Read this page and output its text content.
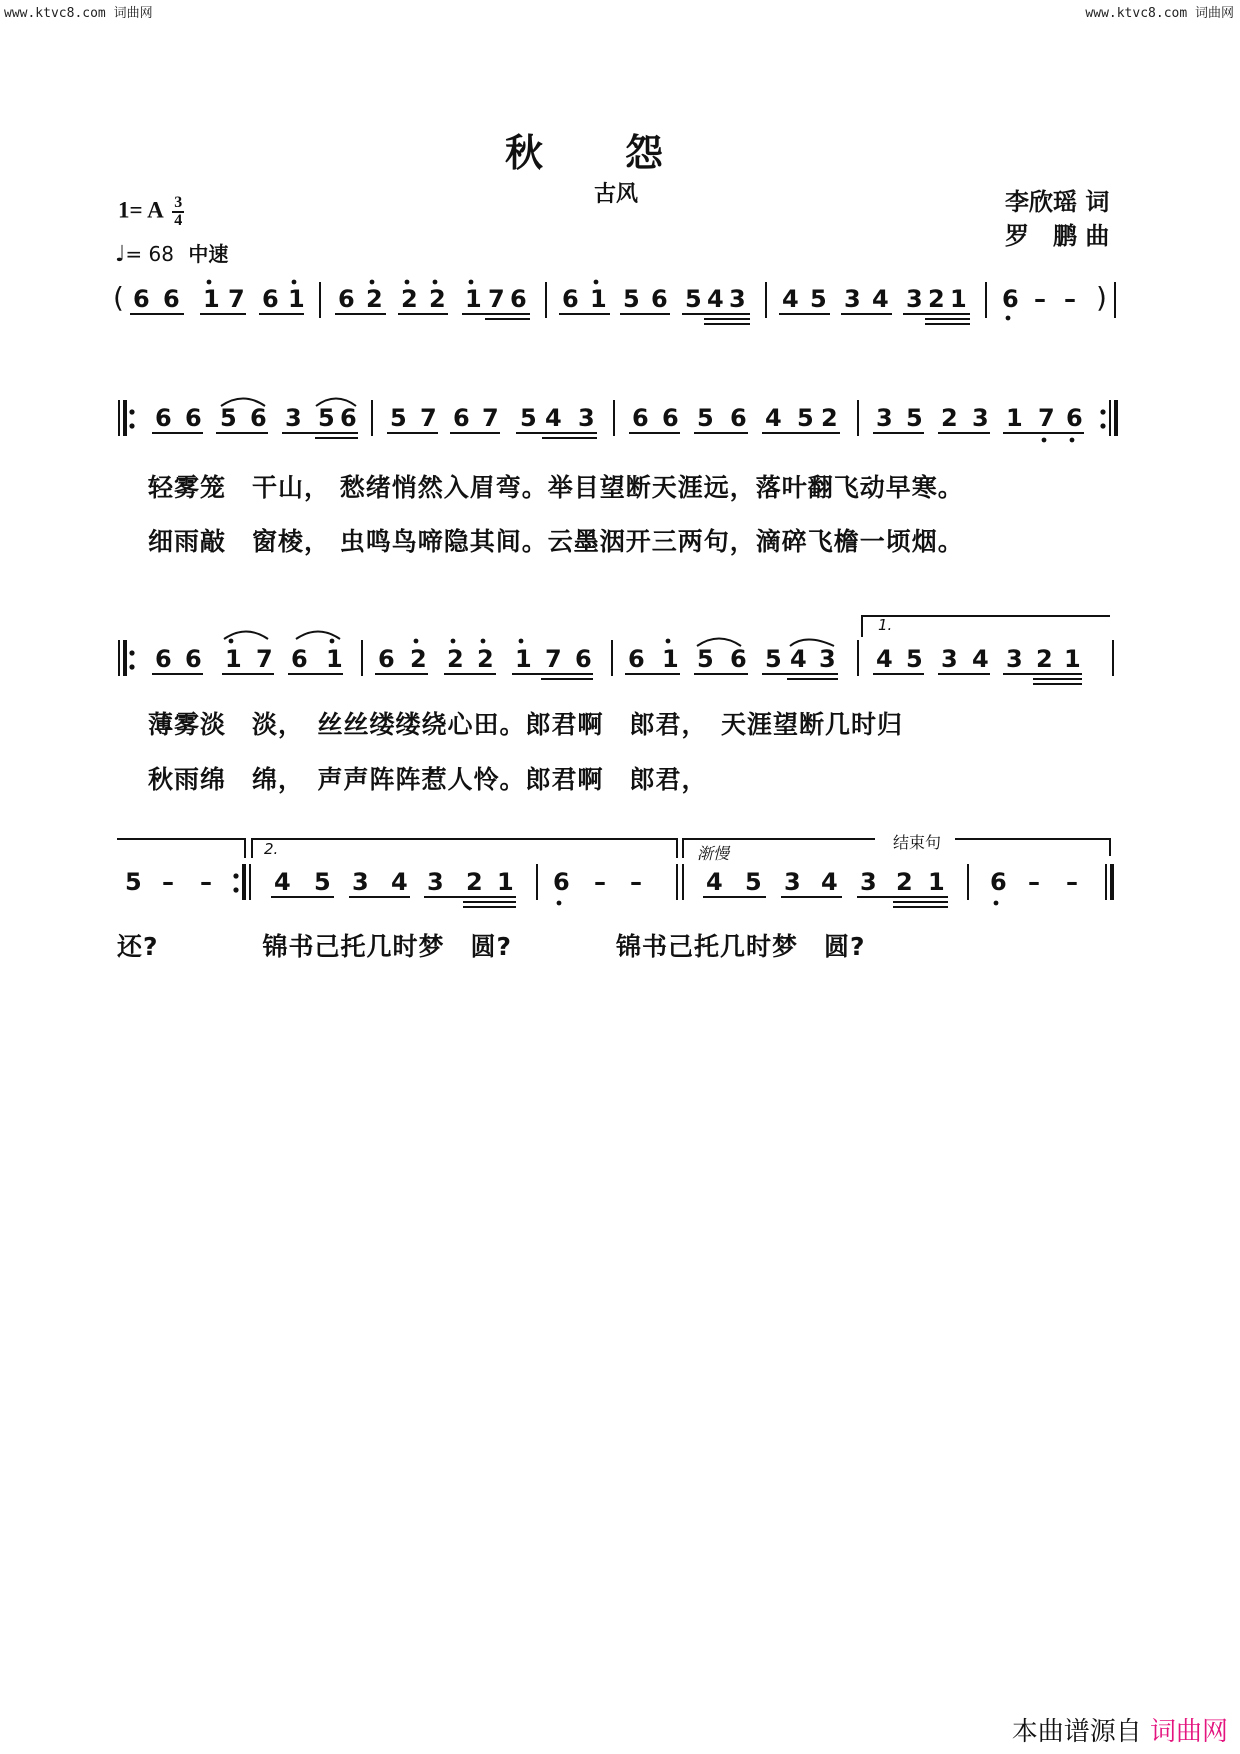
www.ktvc8.com 词曲网	www.ktvc8.com 词曲网
秋　　怨
古风	李欣瑶 词
罗　鹏 曲
1= A $\frac{3}{4}$
♩= 68 中速
( 6 6 1 7 6 1 6 2 2 2 1 7 6 6 1 5 6 5 4 3 4 5 3 4 3 2 1 6 – – )
6 6 5 6 3 5 6 5 7 6 7 5 4 3 6 6 5 6 4 5 2 3 5 2 3 1 7 6
6 6 1 7 6 1 6 2 2 2 1 7 6 6 1 5 6 5 4 3 4 5 3 4 3 2 1
5 – –	4 5 3 4 3 2 1 6 – –	4 5 3 4 3 2 1 6 – –
1.
2.	渐慢
结束句
轻雾笼　干山， 愁绪悄然入眉弯。举目望断天涯远，落叶翻飞动早寒。
细雨敲　窗棱， 虫鸣鸟啼隐其间。云墨洇开三两句，滴碎飞檐一顷烟。
薄雾淡　淡，　丝丝缕缕绕心田。郎君啊　郎君，　天涯望断几时归
秋雨绵　绵，　声声阵阵惹人怜。郎君啊　郎君，
还?　　　　锦书己托几时梦　圆?　　　　锦书己托几时梦　圆?
本曲谱源自 词曲网
